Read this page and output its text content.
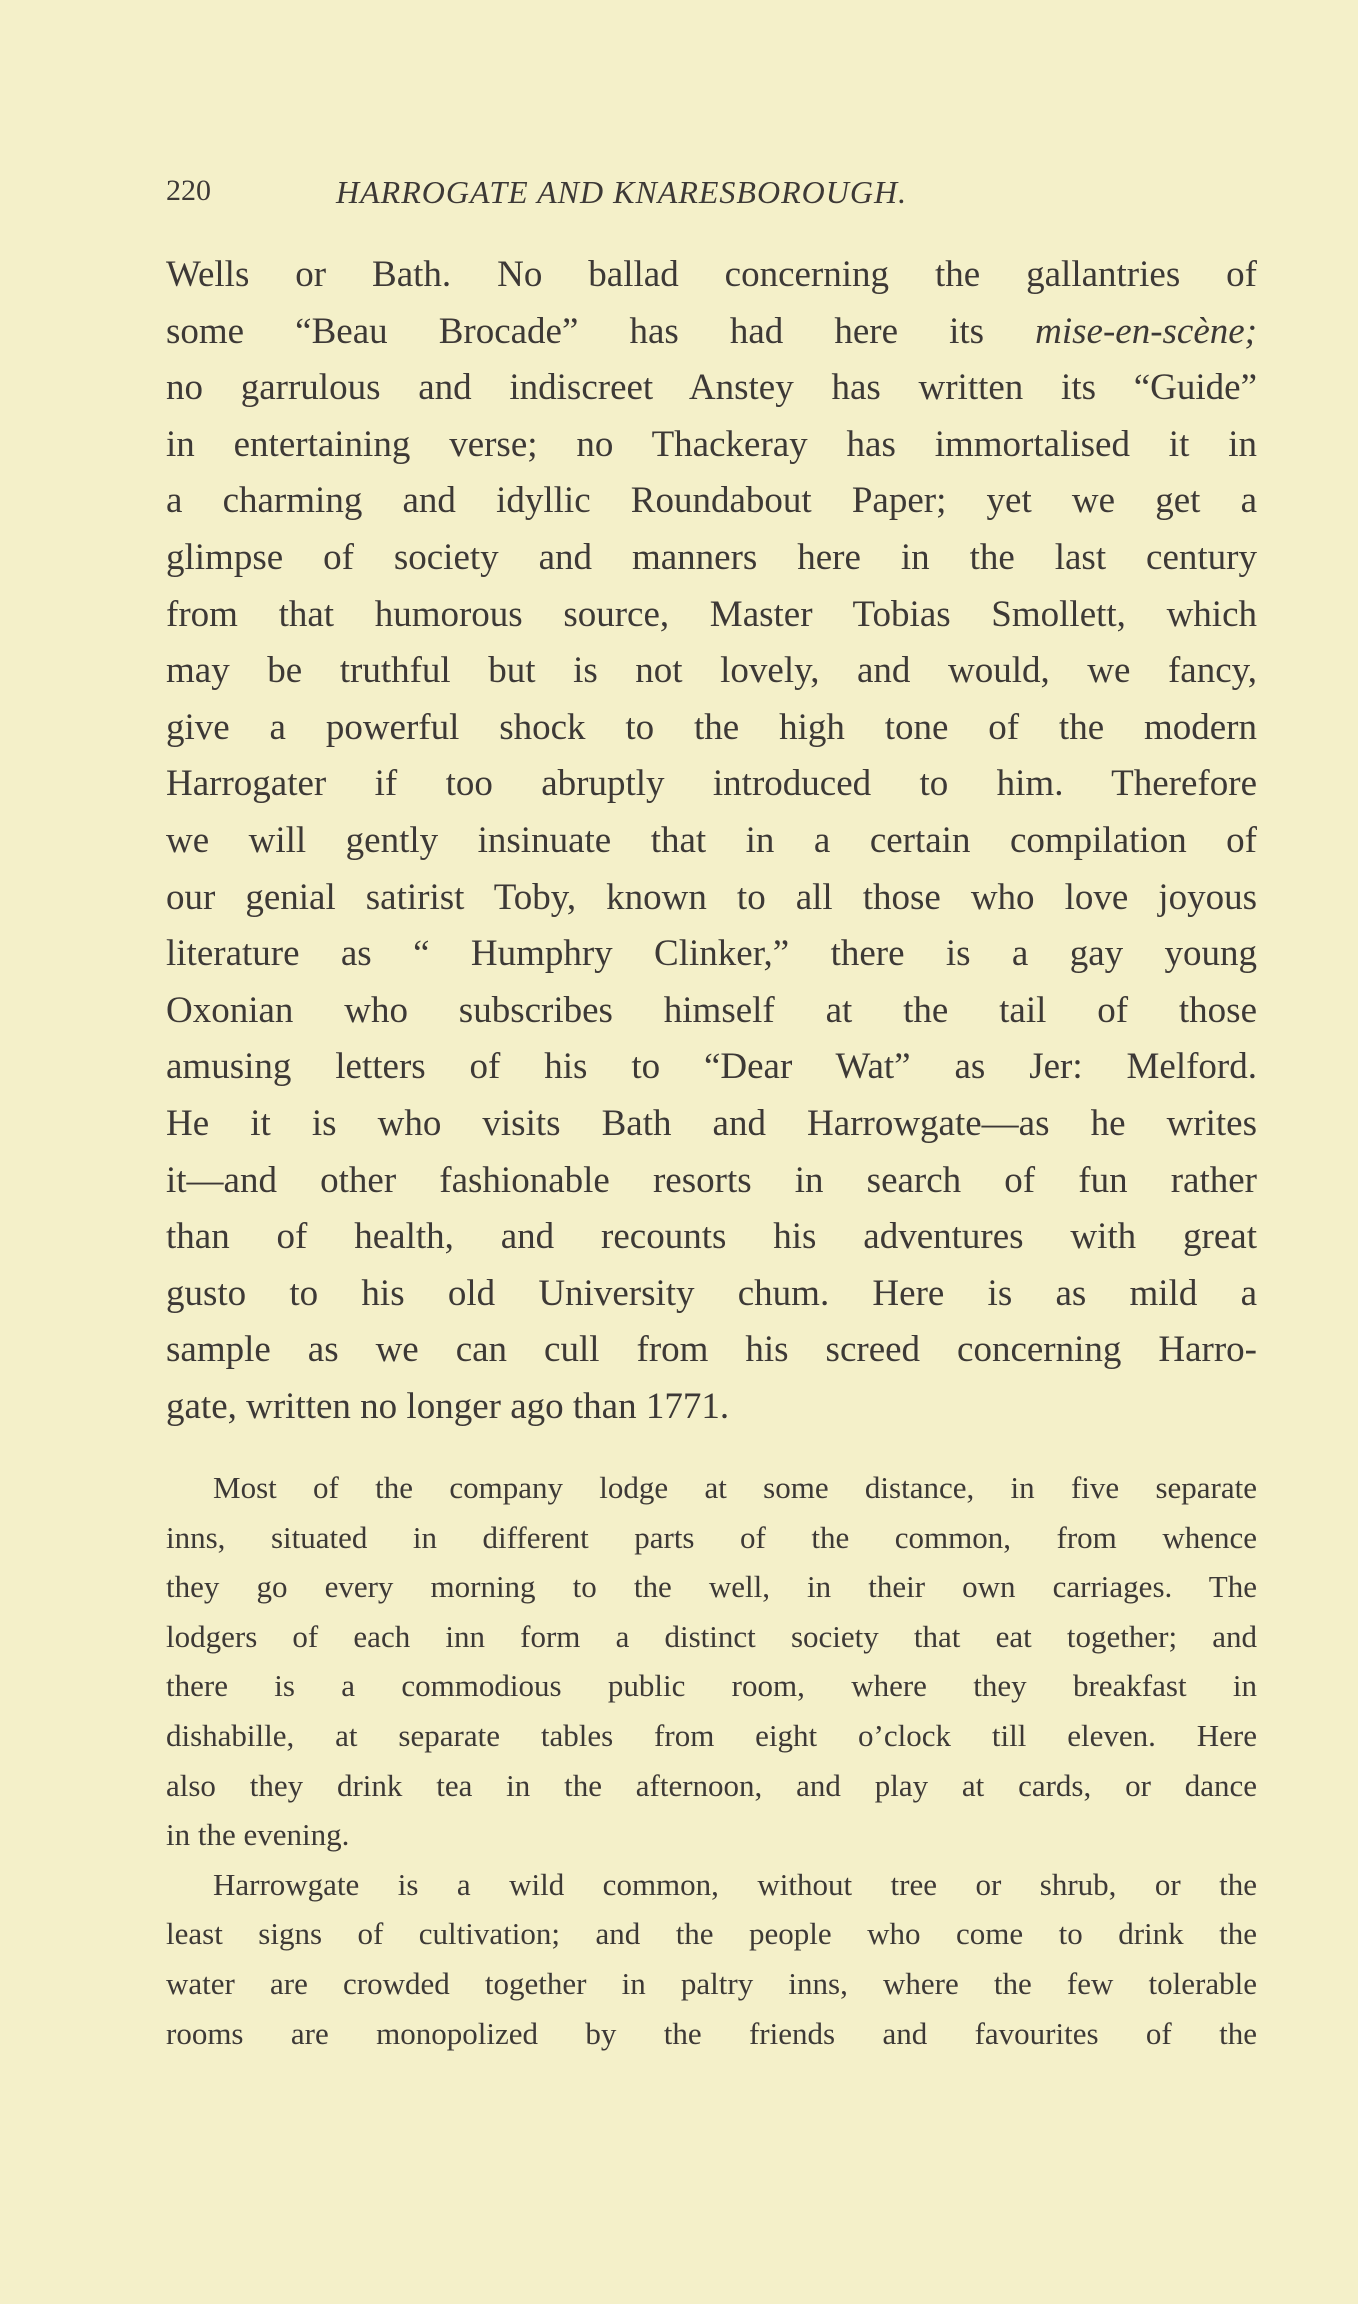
220	HARROGATE AND KNARESBOROUGH.
Wells or Bath. No ballad concerning the gallantries of
some “Beau Brocade” has had here its mise-en-scène;
no garrulous and indiscreet Anstey has written its “Guide”
in entertaining verse; no Thackeray has immortalised it in
a charming and idyllic Roundabout Paper; yet we get a
glimpse of society and manners here in the last century
from that humorous source, Master Tobias Smollett, which
may be truthful but is not lovely, and would, we fancy,
give a powerful shock to the high tone of the modern
Harrogater if too abruptly introduced to him. Therefore
we will gently insinuate that in a certain compilation of
our genial satirist Toby, known to all those who love joyous
literature as “ Humphry Clinker,” there is a gay young
Oxonian who subscribes himself at the tail of those
amusing letters of his to “Dear Wat” as Jer: Melford.
He it is who visits Bath and Harrowgate—as he writes
it—and other fashionable resorts in search of fun rather
than of health, and recounts his adventures with great
gusto to his old University chum. Here is as mild a
sample as we can cull from his screed concerning Harro-
gate, written no longer ago than 1771.
Most of the company lodge at some distance, in five separate
inns, situated in different parts of the common, from whence
they go every morning to the well, in their own carriages. The
lodgers of each inn form a distinct society that eat together; and
there is a commodious public room, where they breakfast in
dishabille, at separate tables from eight o’clock till eleven. Here
also they drink tea in the afternoon, and play at cards, or dance
in the evening.
Harrowgate is a wild common, without tree or shrub, or the
least signs of cultivation; and the people who come to drink the
water are crowded together in paltry inns, where the few tolerable
rooms are monopolized by the friends and favourites of the
